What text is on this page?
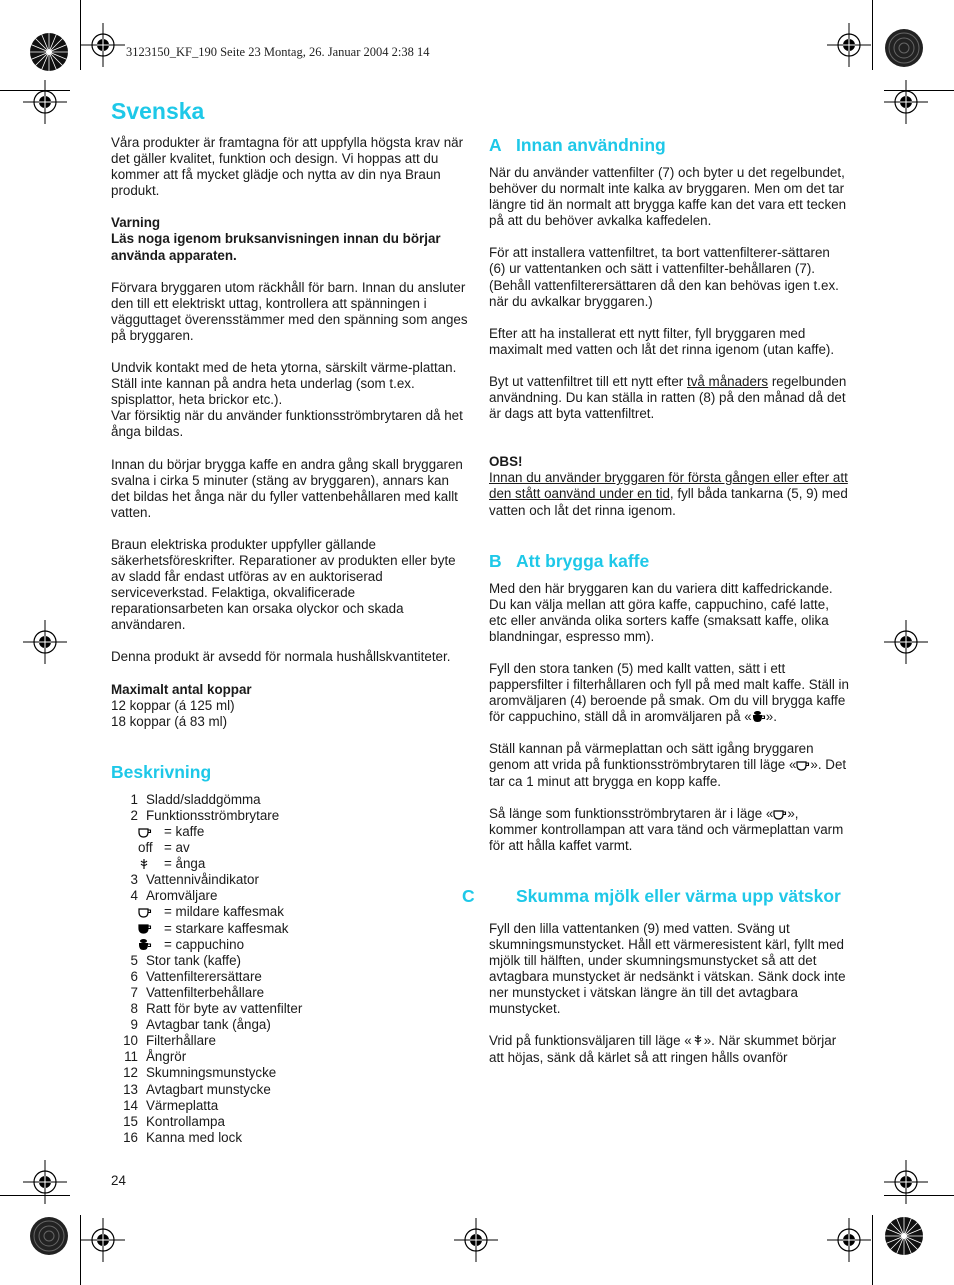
3123150_KF_190 Seite 23 Montag, 26. Januar 2004 2:38 14
Svenska

Våra produkter är framtagna för att uppfylla högsta krav när det gäller kvalitet, funktion och design. Vi hoppas att du kommer att få mycket glädje och nytta av din nya Braun produkt.

Varning

Läs noga igenom bruksanvisningen innan du börjar använda apparaten.

Förvara bryggaren utom räckhåll för barn. Innan du ansluter den till ett elektriskt uttag, kontrollera att spänningen i vägguttaget överensstämmer med den spänning som anges på bryggaren.

Undvik kontakt med de heta ytorna, särskilt värme-plattan. Ställ inte kannan på andra heta underlag (som t.ex. spisplattor, heta brickor etc.).

Var försiktig när du använder funktionsströmbrytaren då het ånga bildas.

Innan du börjar brygga kaffe en andra gång skall bryggaren svalna i cirka 5 minuter (stäng av bryggaren), annars kan det bildas het ånga när du fyller vattenbehållaren med kallt vatten.

Braun elektriska produkter uppfyller gällande säkerhetsföreskrifter. Reparationer av produkten eller byte av sladd får endast utföras av en auktoriserad serviceverkstad. Felaktiga, okvalificerade reparationsarbeten kan orsaka olyckor och skada användaren.

Denna produkt är avsedd för normala hushållskvantiteter.

Maximalt antal koppar

12 koppar (á 125 ml)

18 koppar (á 83 ml)

Beskrivning
1 Sladd/sladdgömma
2 Funktionsströmbrytare
= kaffe
off = av
= ånga
3 Vattennivåindikator
4 Aromväljare
= mildare kaffesmak
= starkare kaffesmak
= cappuchino
5 Stor tank (kaffe)
6 Vattenfilterersättare
7 Vattenfilterbehållare
8 Ratt för byte av vattenfilter
9 Avtagbar tank (ånga)
10 Filterhållare
11 Ångrör
12 Skumningsmunstycke
13 Avtagbart munstycke
14 Värmeplatta
15 Kontrollampa
16 Kanna med lock
A Innan användning

När du använder vattenfilter (7) och byter u det regelbundet, behöver du normalt inte kalka av bryggaren. Men om det tar längre tid än normalt att brygga kaffe kan det vara ett tecken på att du behöver avkalka kaffedelen.

För att installera vattenfiltret, ta bort vattenfilterer-sättaren (6) ur vattentanken och sätt i vattenfilter-behållaren (7).

(Behåll vattenfilterersättaren då den kan behövas igen t.ex. när du avkalkar bryggaren.)

Efter att ha installerat ett nytt filter, fyll bryggaren med maximalt med vatten och låt det rinna igenom (utan kaffe).

Byt ut vattenfiltret till ett nytt efter två månaders regelbunden användning. Du kan ställa in ratten (8) på den månad då det är dags att byta vattenfiltret.

OBS!

Innan du använder bryggaren för första gången eller efter att den stått oanvänd under en tid, fyll båda tankarna (5, 9) med vatten och låt det rinna igenom.

B Att brygga kaffe

Med den här bryggaren kan du variera ditt kaffedrickande. Du kan välja mellan att göra kaffe, cappuchino, café latte, etc eller använda olika sorters kaffe (smaksatt kaffe, olika blandningar, espresso mm).

Fyll den stora tanken (5) med kallt vatten, sätt i ett pappersfilter i filterhållaren och fyll på med malt kaffe. Ställ in aromväljaren (4) beroende på smak. Om du vill brygga kaffe för cappuchino, ställ då in aromväljaren på « ».

Ställ kannan på värmeplattan och sätt igång bryggaren genom att vrida på funktionsströmbrytaren till läge « ». Det tar ca 1 minut att brygga en kopp kaffe.

Så länge som funktionsströmbrytaren är i läge « », kommer kontrollampan att vara tänd och värmeplattan varm för att hålla kaffet varmt.

C Skumma mjölk eller värma upp vätskor

Fyll den lilla vattentanken (9) med vatten. Sväng ut skumningsmunstycket. Håll ett värmeresistent kärl, fyllt med mjölk till hälften, under skumningsmunstycket så att det avtagbara munstycket är nedsänkt i vätskan. Sänk dock inte ner munstycket i vätskan längre än till det avtagbara munstycket.

Vrid på funktionsväljaren till läge « ». När skummet börjar att höjas, sänk då kärlet så att ringen hålls ovanför

24
